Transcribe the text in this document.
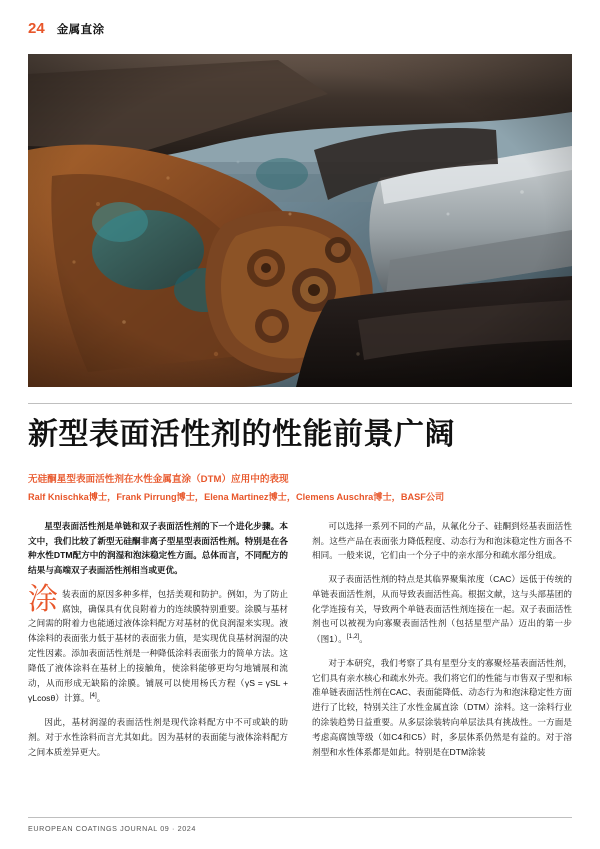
24 金属直涂
新型表面活性剂的性能前景广阔
无硅酮星型表面活性剂在水性金属直涂（DTM）应用中的表现
Ralf Knischka博士，Frank Pirrung博士，Elena Martinez博士，Clemens Auschra博士，BASF公司

星型表面活性剂是单链和双子表面活性剂的下一个进化步骤。本文中，我们比较了新型无硅酮非离子型星型表面活性剂。特别是在各种水性DTM配方中的润湿和泡沫稳定性方面。总体而言，不同配方的结果与高端双子表面活性剂相当或更优。

涂装表面的原因多种多样，包括美观和防护。例如，为了防止腐蚀，确保具有优良附着力的连续膜特别重要。涂膜与基材之间需的附着力也能通过液体涂料配方对基材的优良润湿来实现。液体涂料的表面张力低于基材的表面张力值，是实现优良基材润湿的决定性因素。添加表面活性剂是一种降低涂料表面张力的简单方法。这降低了液体涂料在基材上的接触角，使涂料能够更均匀地铺展和流动，从而形成无缺陷的涂膜。铺展可以使用杨氏方程（γS = γSL + γLcosθ）计算。[4]。

因此，基材润湿的表面活性剂是现代涂料配方中不可或缺的助剂。对于水性涂料而言尤其如此。因为基材的表面能与液体涂料配方之间本质差异更大。

可以选择一系列不同的产品，从氟化分子、硅酮到烃基表面活性剂。这些产品在表面张力降低程度、动态行为和泡沫稳定性方面各不相同。一般来说，它们由一个分子中的亲水部分和疏水部分组成。

双子表面活性剂的特点是其临界聚集浓度（CAC）远低于传统的单链表面活性剂，从而导致表面活性高。根据文献，这与头部基团的化学连接有关，导致两个单链表面活性剂连接在一起。双子表面活性剂也可以被视为向寡聚表面活性剂（包括星型产品）迈出的第一步（图1）。[1,2]。

对于本研究，我们考察了具有星型分支的寡聚烃基表面活性剂，它们具有亲水核心和疏水外壳。我们将它们的性能与市售双子型和标准单链表面活性剂在CAC、表面能降低、动态行为和泡沫稳定性方面进行了比较，特别关注了水性金属直涂（DTM）涂料。这一涂料行业的涂装趋势日益重要。从多层涂装转向单层法具有挑战性。一方面是考虑高腐蚀等级（如C4和C5）时，多层体系仍然是有益的。对于溶剂型和水性体系都是如此。特别是在DTM涂装

EUROPEAN COATINGS JOURNAL 09 · 2024
